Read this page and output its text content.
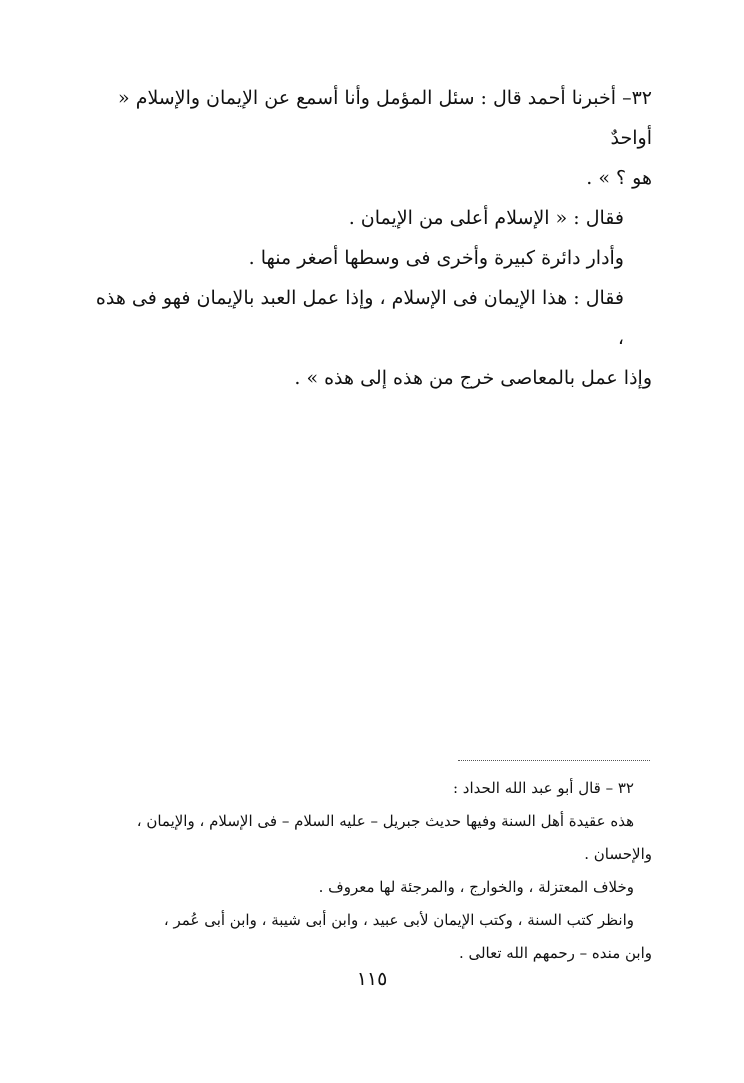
٣٢– أخبرنا أحمد قال : سئل المؤمل وأنا أسمع عن الإيمان والإسلام « أواحدٌ

هو ؟ » .

فقال : « الإسلام أعلى من الإيمان .

وأدار دائرة كبيرة وأخرى فى وسطها أصغر منها .

فقال : هذا الإيمان فى الإسلام ، وإذا عمل العبد بالإيمان فهو فى هذه ،

وإذا عمل بالمعاصى خرج من هذه إلى هذه » .

٣٢ – قال أبو عبد الله الحداد :

هذه عقيدة أهل السنة وفيها حديث جبريل – عليه السلام – فى الإسلام ، والإيمان ،

والإحسان .

وخلاف المعتزلة ، والخوارج ، والمرجئة لها معروف .

وانظر كتب السنة ، وكتب الإيمان لأبى عبيد ، وابن أبى شيبة ، وابن أبى عُمر ،

وابن منده – رحمهم الله تعالى .

١١٥
